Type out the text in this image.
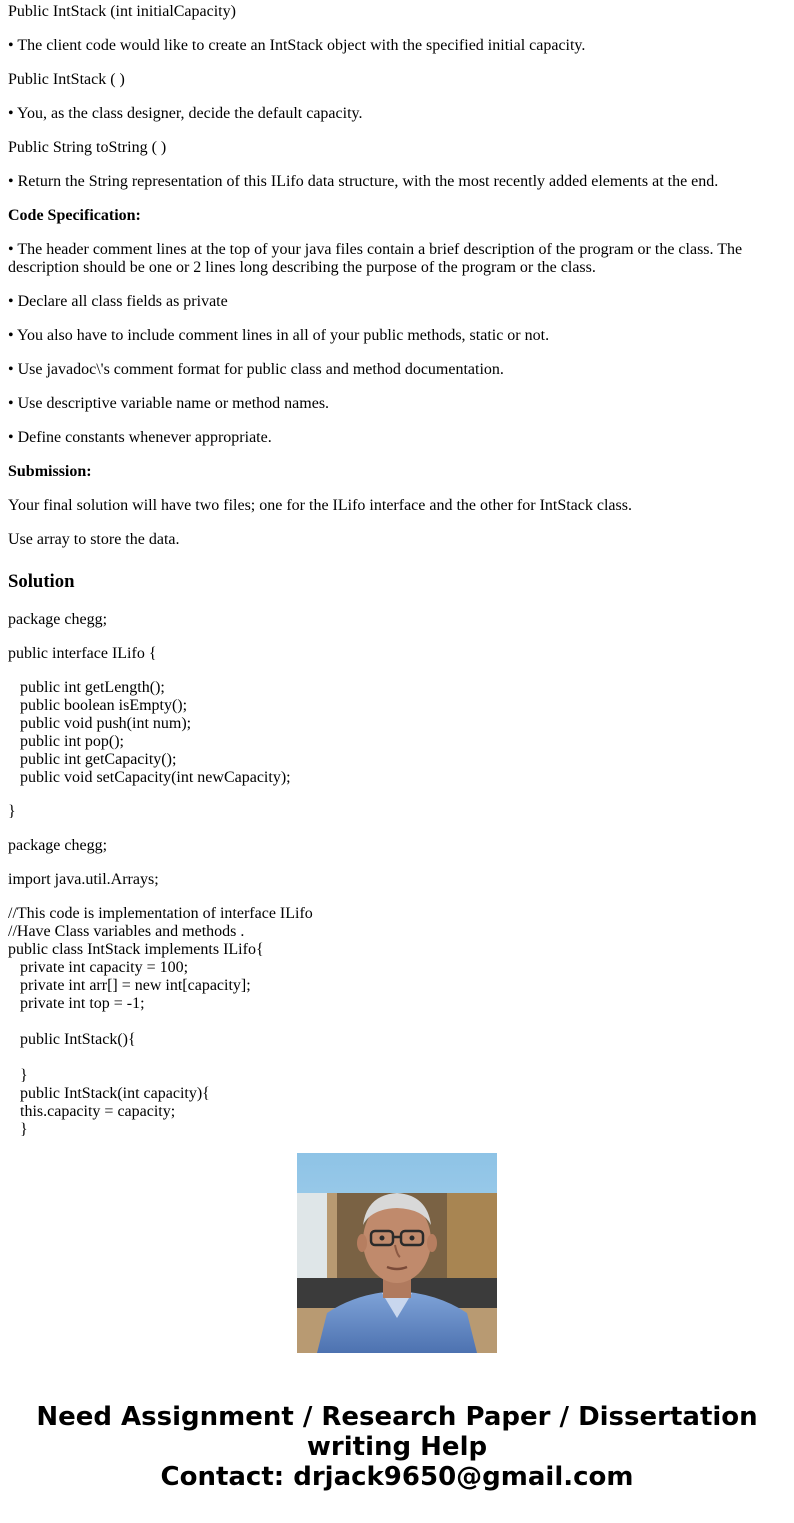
Public IntStack (int initialCapacity)

• The client code would like to create an IntStack object with the specified initial capacity.

Public IntStack ( )

• You, as the class designer, decide the default capacity.

Public String toString ( )

• Return the String representation of this ILifo data structure, with the most recently added elements at the end.

Code Specification:

• The header comment lines at the top of your java files contain a brief description of the program or the class. The description should be one or 2 lines long describing the purpose of the program or the class.

• Declare all class fields as private

• You also have to include comment lines in all of your public methods, static or not.

• Use javadoc\'s comment format for public class and method documentation.

• Use descriptive variable name or method names.

• Define constants whenever appropriate.

Submission:

Your final solution will have two files; one for the ILifo interface and the other for IntStack class.

Use array to store the data.

Solution
package chegg;
public interface ILifo {
public int getLength();
public boolean isEmpty();
public void push(int num);
public int pop();
public int getCapacity();
public void setCapacity(int newCapacity);
}
package chegg;
import java.util.Arrays;
//This code is implementation of interface ILifo
//Have Class variables and methods .
public class IntStack implements ILifo{
private int capacity = 100;
private int arr[] = new int[capacity];
private int top = -1;
public IntStack(){
}
public IntStack(int capacity){
this.capacity = capacity;
}
Need Assignment / Research Paper / Dissertation
writing Help
Contact: drjack9650@gmail.com
